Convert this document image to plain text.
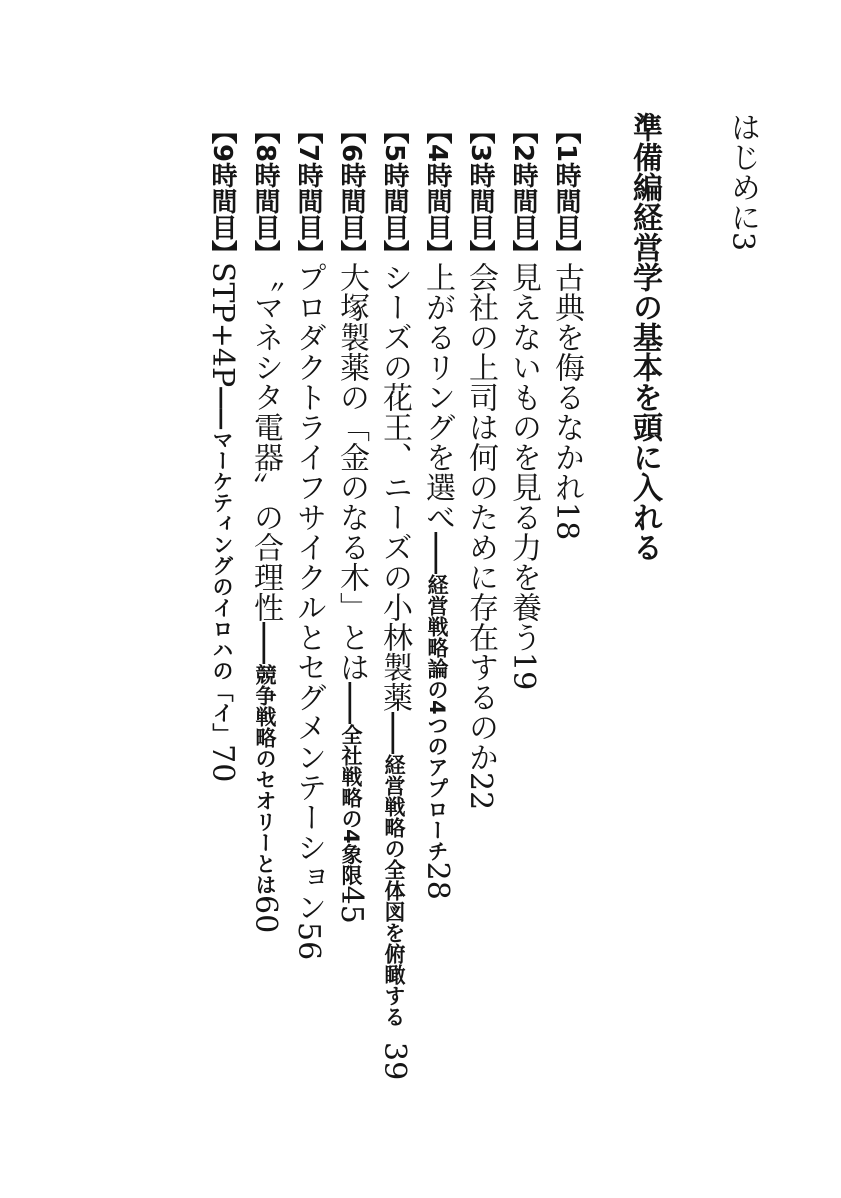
はじめに3
準備編経営学の基本を頭に入れる
【1時間目】
古典を侮るなかれ18
【2時間目】
見えないものを見る力を養う19
【3時間目】
会社の上司は何のために存在するのか22
【4時間目】
上がるリングを選べ――経営戦略論の4つのアプローチ28
【5時間目】
シーズの花王、ニーズの小林製薬――経営戦略の全体図を俯瞰する
39
【6時間目】
大塚製薬の「金のなる木」とは――全社戦略の4象限45
【7時間目】
プロダクトライフサイクルとセグメンテーション56
【8時間目】
〝マネシタ電器〟の合理性――競争戦略のセオリーとは60
【9時間目】
STP+4P――マーケティングのイロハの「イ」70
